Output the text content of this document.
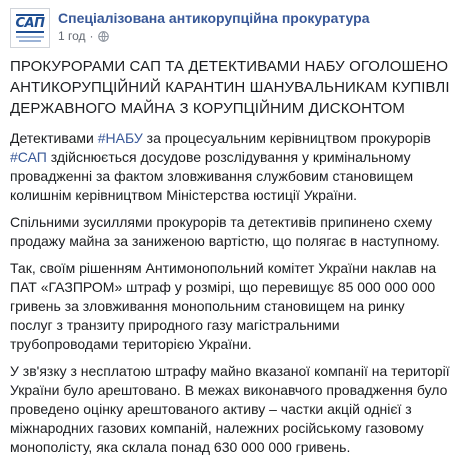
САП Спеціалізована антикорупційна прокуратура
1 год ·

ПРОКУРОРАМИ САП ТА ДЕТЕКТИВАМИ НАБУ ОГОЛОШЕНО АНТИКОРУПЦІЙНИЙ КАРАНТИН ШАНУВАЛЬНИКАМ КУПІВЛІ ДЕРЖАВНОГО МАЙНА З КОРУПЦІЙНИМ ДИСКОНТОМ

Детективами #НАБУ за процесуальним керівництвом прокурорів #САП здійснюється досудове розслідування у кримінальному провадженні за фактом зловживання службовим становищем колишнім керівництвом Міністерства юстиції України.

Спільними зусиллями прокурорів та детективів припинено схему продажу майна за заниженою вартістю, що полягає в наступному.

Так, своїм рішенням Антимонопольний комітет України наклав на ПАТ «ГАЗПРОМ» штраф у розмірі, що перевищує 85 000 000 000 гривень за зловживання монопольним становищем на ринку послуг з транзиту природного газу магістральними трубопроводами територією України.

У зв'язку з несплатою штрафу майно вказаної компанії на території України було арештовано. В межах виконавчого провадження було проведено оцінку арештованого активу – частки акцій однієї з міжнародних газових компаній, належних російському газовому монополісту, яка склала понад 630 000 000 гривень.
